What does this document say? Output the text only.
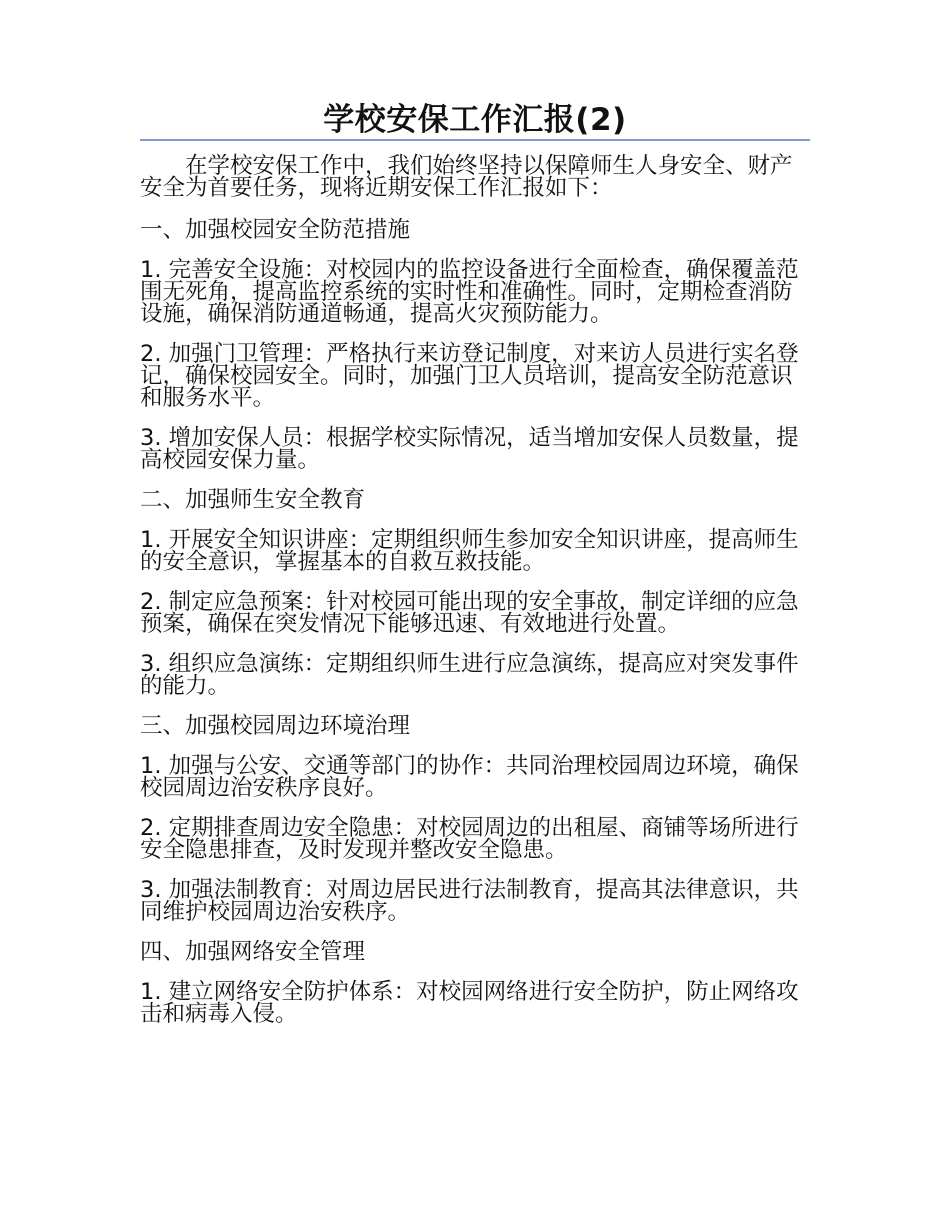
学校安保工作汇报(2)

在学校安保工作中，我们始终坚持以保障师生人身安全、财产安全为首要任务，现将近期安保工作汇报如下：

一、加强校园安全防范措施

1. 完善安全设施：对校园内的监控设备进行全面检查，确保覆盖范围无死角，提高监控系统的实时性和准确性。同时，定期检查消防设施，确保消防通道畅通，提高火灾预防能力。

2. 加强门卫管理：严格执行来访登记制度，对来访人员进行实名登记，确保校园安全。同时，加强门卫人员培训，提高安全防范意识和服务水平。

3. 增加安保人员：根据学校实际情况，适当增加安保人员数量，提高校园安保力量。

二、加强师生安全教育

1. 开展安全知识讲座：定期组织师生参加安全知识讲座，提高师生的安全意识，掌握基本的自救互救技能。

2. 制定应急预案：针对校园可能出现的安全事故，制定详细的应急预案，确保在突发情况下能够迅速、有效地进行处置。

3. 组织应急演练：定期组织师生进行应急演练，提高应对突发事件的能力。

三、加强校园周边环境治理

1. 加强与公安、交通等部门的协作：共同治理校园周边环境，确保校园周边治安秩序良好。

2. 定期排查周边安全隐患：对校园周边的出租屋、商铺等场所进行安全隐患排查，及时发现并整改安全隐患。

3. 加强法制教育：对周边居民进行法制教育，提高其法律意识，共同维护校园周边治安秩序。

四、加强网络安全管理

1. 建立网络安全防护体系：对校园网络进行安全防护，防止网络攻击和病毒入侵。
